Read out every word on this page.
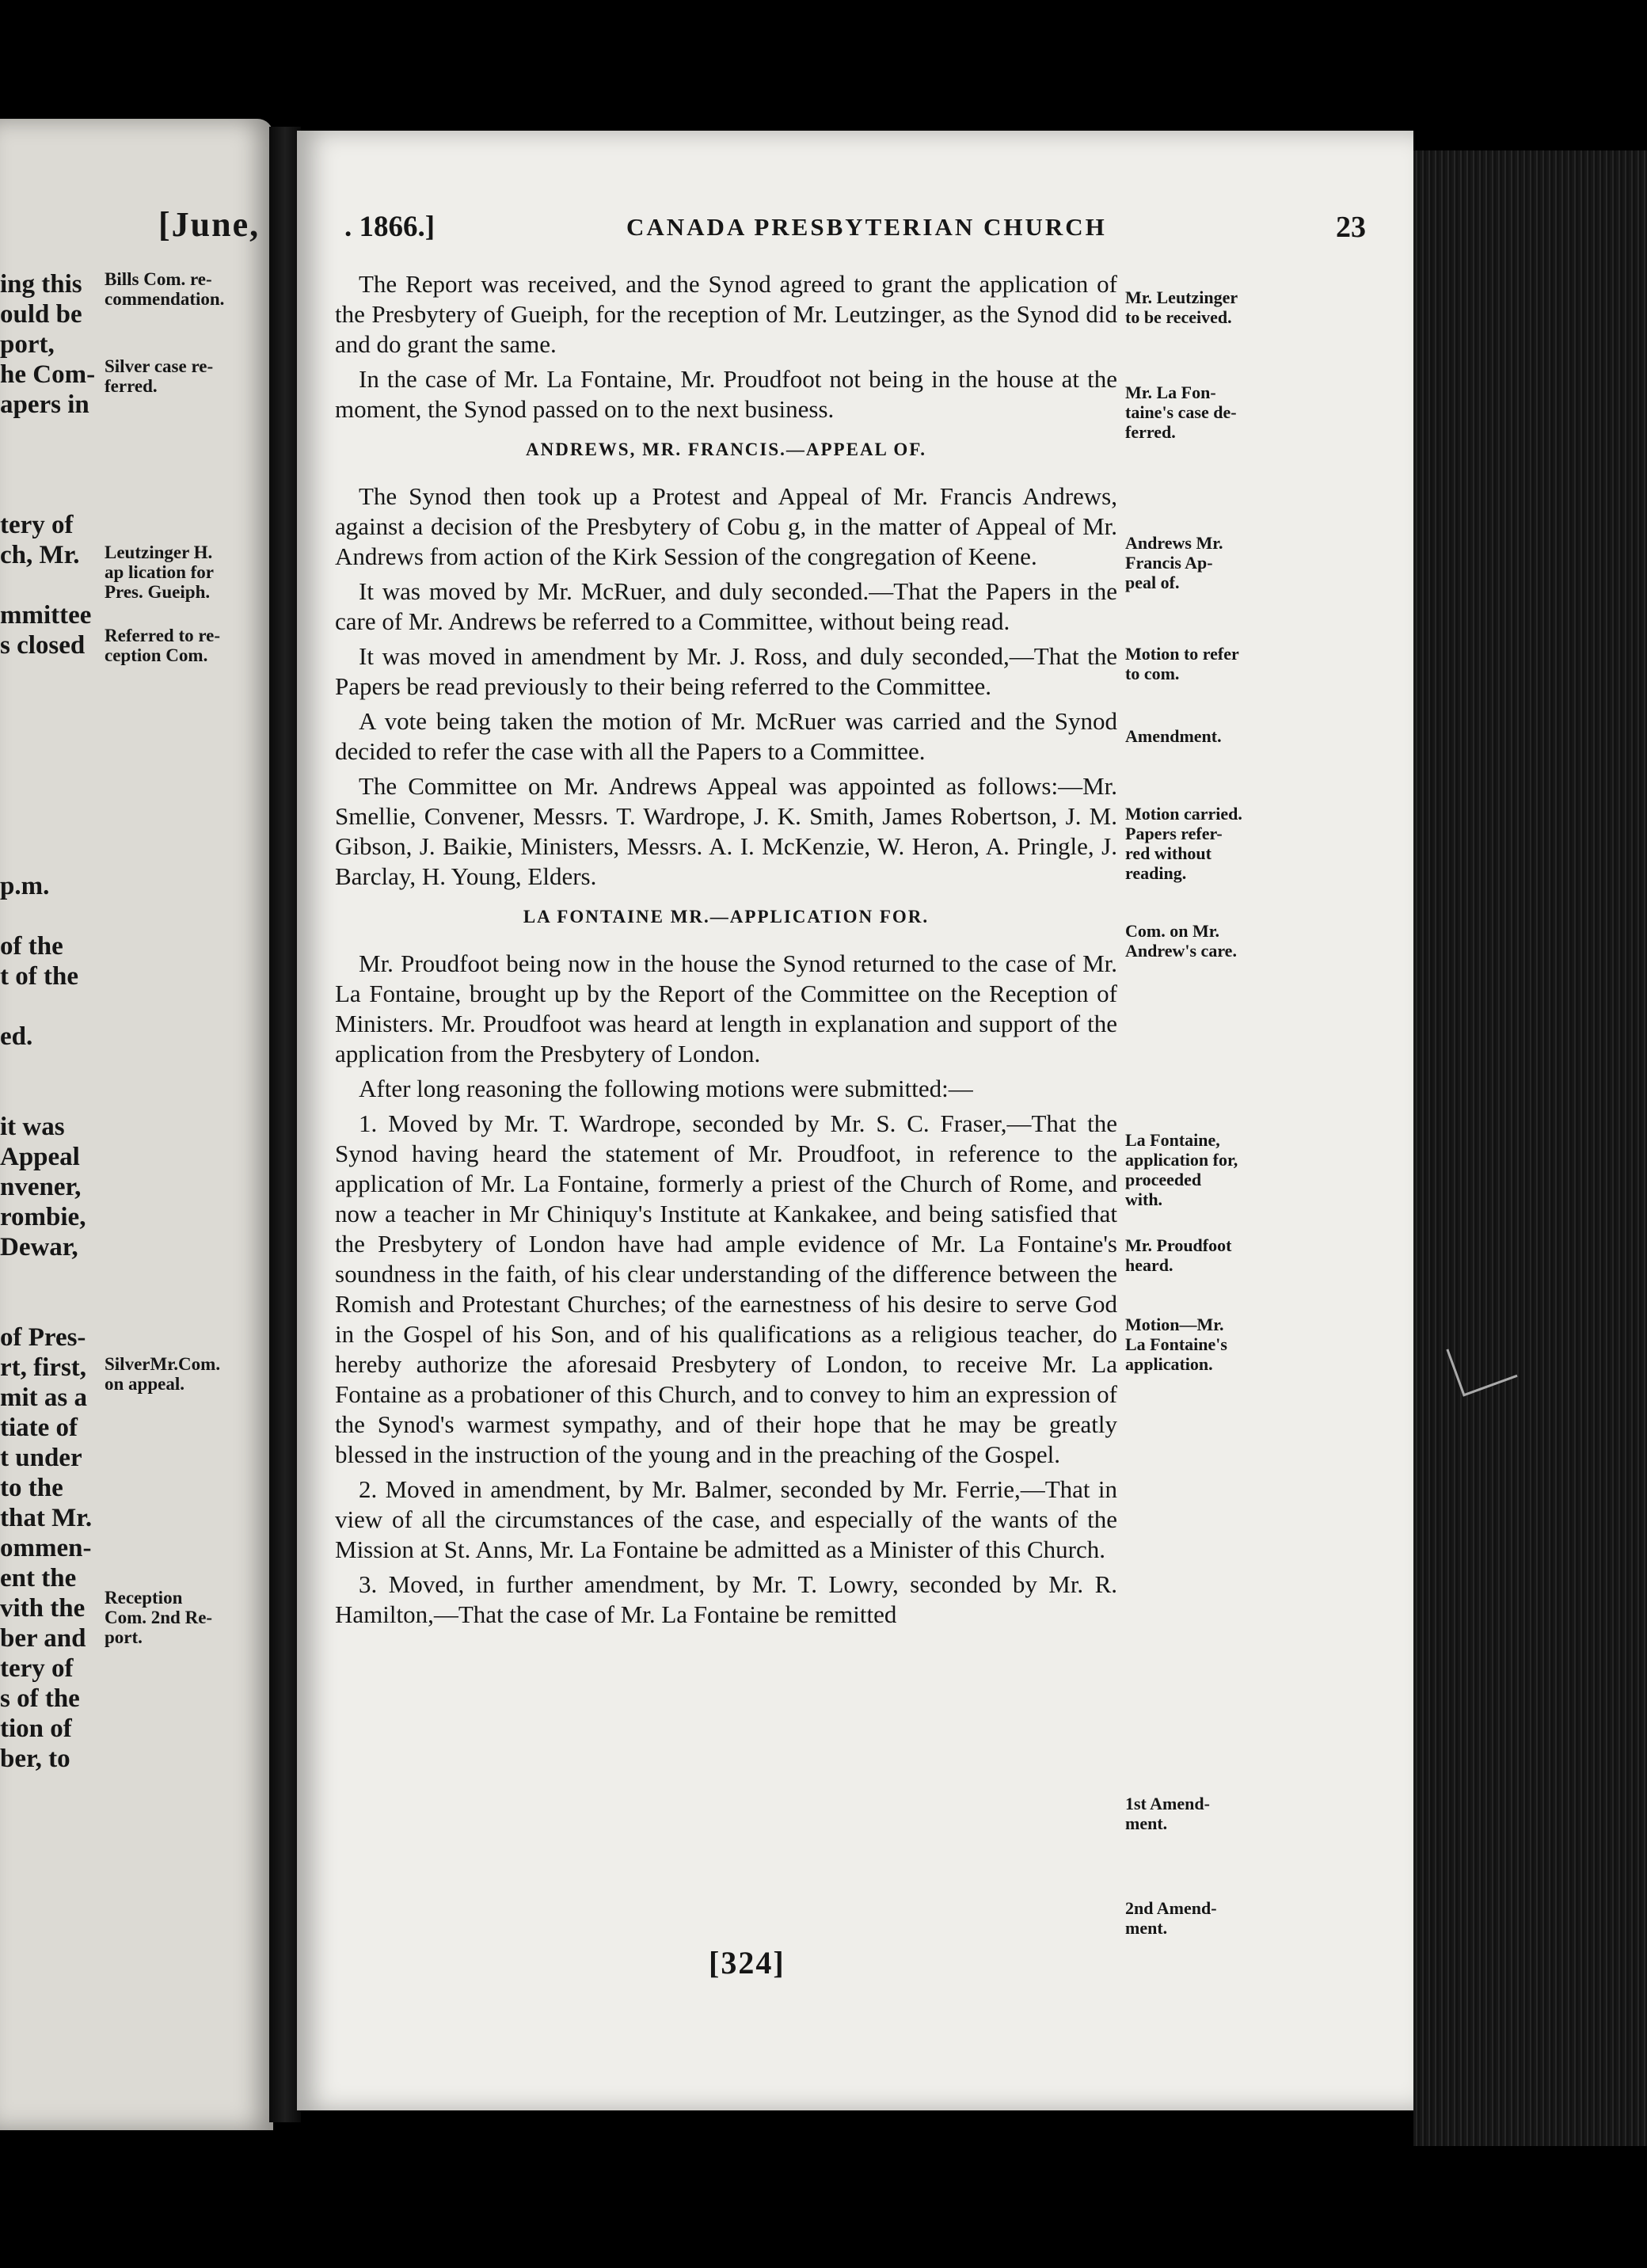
[June,
ing this
ould be
port,
he Com-
apers in

tery of
ch, Mr.

mmittee
s closed

p.m.

of the
t of the

ed.

it was
Appeal
nvener,
rombie,
Dewar,

of Pres-
rt, first,
mit as a
tiate of
t under
to the
that Mr.
ommen-
ent the
vith the
ber and
tery of
s of the
tion of
ber, to

Bills Com. re-
commendation.

Silver case re-
ferred.

Leutzinger H.
ap lication for
Pres. Gueiph.

Referred to re-
ception Com.

SilverMr.Com.
on appeal.

Reception
Com. 2nd Re-
port.

. 1866.]	CANADA PRESBYTERIAN CHURCH	23

The Report was received, and the Synod agreed to grant the application of the Presbytery of Gueiph, for the reception of Mr. Leutzinger, as the Synod did and do grant the same.

In the case of Mr. La Fontaine, Mr. Proudfoot not being in the house at the moment, the Synod passed on to the next business.

ANDREWS, MR. FRANCIS.—APPEAL OF.

The Synod then took up a Protest and Appeal of Mr. Francis Andrews, against a decision of the Presbytery of Cobu g, in the matter of Appeal of Mr. Andrews from action of the Kirk Session of the congregation of Keene.

It was moved by Mr. McRuer, and duly seconded.—That the Papers in the care of Mr. Andrews be referred to a Committee, without being read.

It was moved in amendment by Mr. J. Ross, and duly seconded,—That the Papers be read previously to their being referred to the Committee.

A vote being taken the motion of Mr. McRuer was carried and the Synod decided to refer the case with all the Papers to a Committee.

The Committee on Mr. Andrews Appeal was appointed as follows:—Mr. Smellie, Convener, Messrs. T. Wardrope, J. K. Smith, James Robertson, J. M. Gibson, J. Baikie, Ministers, Messrs. A. I. McKenzie, W. Heron, A. Pringle, J. Barclay, H. Young, Elders.

LA FONTAINE MR.—APPLICATION FOR.

Mr. Proudfoot being now in the house the Synod returned to the case of Mr. La Fontaine, brought up by the Report of the Committee on the Reception of Ministers. Mr. Proudfoot was heard at length in explanation and support of the application from the Presbytery of London.

After long reasoning the following motions were submitted:—

1. Moved by Mr. T. Wardrope, seconded by Mr. S. C. Fraser,—That the Synod having heard the statement of Mr. Proudfoot, in reference to the application of Mr. La Fontaine, formerly a priest of the Church of Rome, and now a teacher in Mr Chiniquy's Institute at Kankakee, and being satisfied that the Presbytery of London have had ample evidence of Mr. La Fontaine's soundness in the faith, of his clear understanding of the difference between the Romish and Protestant Churches; of the earnestness of his desire to serve God in the Gospel of his Son, and of his qualifications as a religious teacher, do hereby authorize the aforesaid Presbytery of London, to receive Mr. La Fontaine as a probationer of this Church, and to convey to him an expression of the Synod's warmest sympathy, and of their hope that he may be greatly blessed in the instruction of the young and in the preaching of the Gospel.

2. Moved in amendment, by Mr. Balmer, seconded by Mr. Ferrie,—That in view of all the circumstances of the case, and especially of the wants of the Mission at St. Anns, Mr. La Fontaine be admitted as a Minister of this Church.

3. Moved, in further amendment, by Mr. T. Lowry, seconded by Mr. R. Hamilton,—That the case of Mr. La Fontaine be remitted

Mr. Leutzinger
to be received.
Mr. La Fon-
taine's case de-
ferred.
Andrews Mr.
Francis Ap-
peal of.
Motion to refer
to com.
Amendment.
Motion carried.
Papers refer-
red without
reading.
Com. on Mr.
Andrew's care.
La Fontaine,
application for,
proceeded
with.
Mr. Proudfoot
heard.
Motion—Mr.
La Fontaine's
application.
1st Amend-
ment.
2nd Amend-
ment.
[324]
